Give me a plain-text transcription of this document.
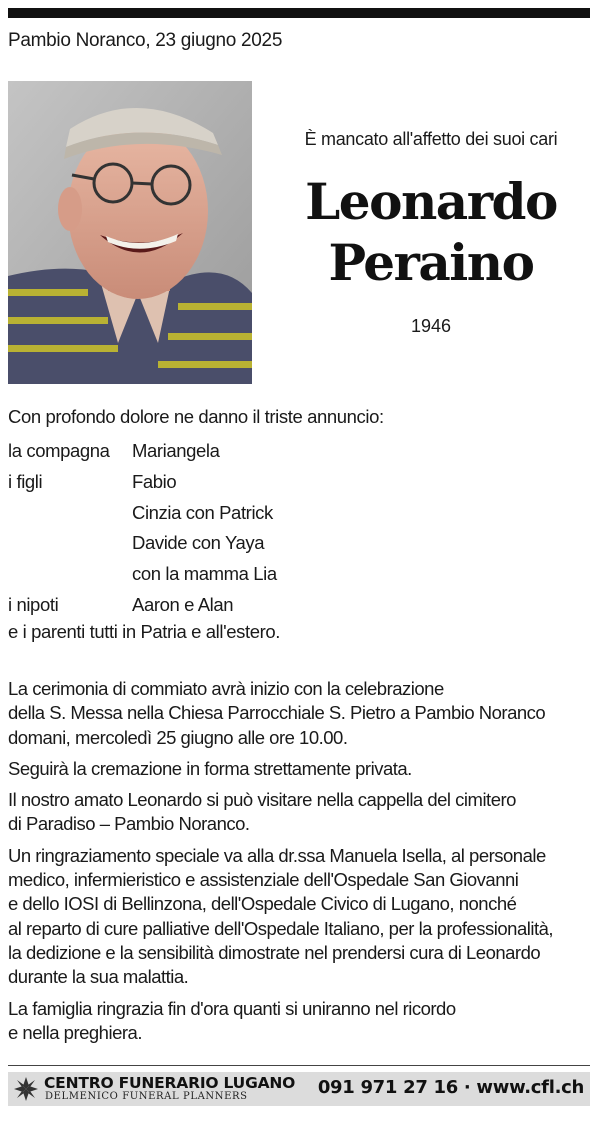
Pambio Noranco, 23 giugno 2025
È mancato all'affetto dei suoi cari
Leonardo
Peraino
1946
Con profondo dolore ne danno il triste annuncio:
la compagna Mariangela
i figli	Fabio
Cinzia con Patrick
Davide con Yaya
con la mamma Lia
i nipoti	Aaron e Alan
e i parenti tutti in Patria e all'estero.

La cerimonia di commiato avrà inizio con la celebrazione
della S. Messa nella Chiesa Parrocchiale S. Pietro a Pambio Noranco
domani, mercoledì 25 giugno alle ore 10.00.

Seguirà la cremazione in forma strettamente privata.

Il nostro amato Leonardo si può visitare nella cappella del cimitero
di Paradiso – Pambio Noranco.

Un ringraziamento speciale va alla dr.ssa Manuela Isella, al personale
medico, infermieristico e assistenziale dell'Ospedale San Giovanni
e dello IOSI di Bellinzona, dell'Ospedale Civico di Lugano, nonché
al reparto di cure palliative dell'Ospedale Italiano, per la professionalità,
la dedizione e la sensibilità dimostrate nel prendersi cura di Leonardo
durante la sua malattia.

La famiglia ringrazia fin d'ora quanti si uniranno nel ricordo
e nella preghiera.

CENTRO FUNERARIO LUGANO
DELMENICO FUNERAL PLANNERS	091 971 27 16 · www.cfl.ch
